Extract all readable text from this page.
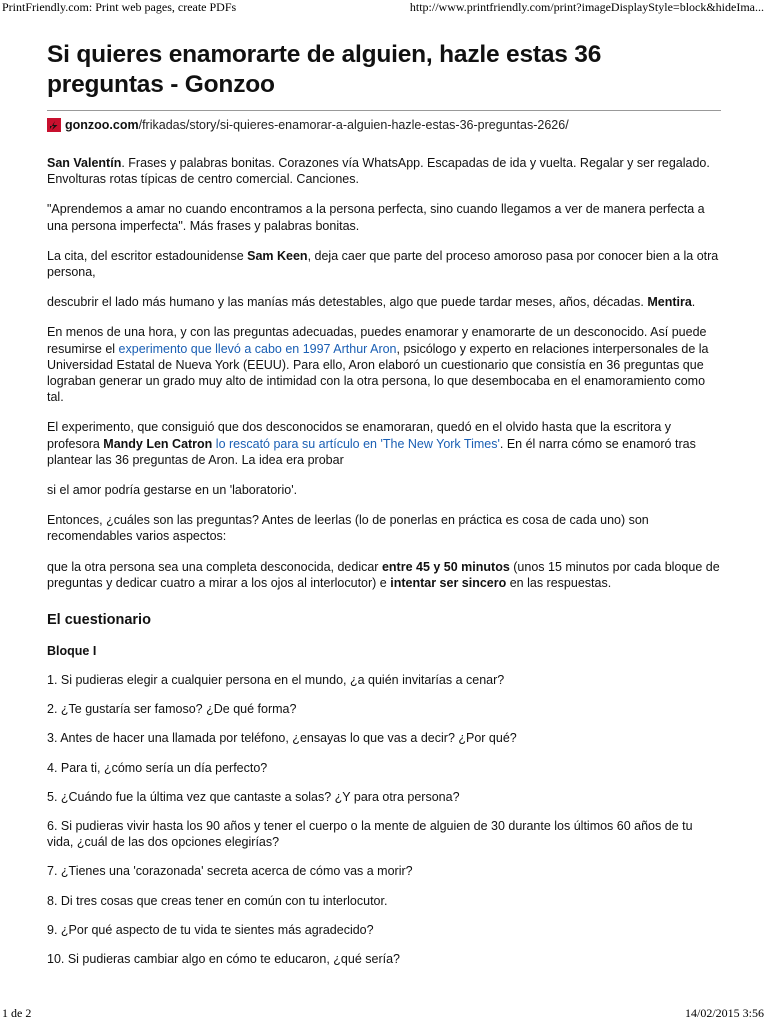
PrintFriendly.com: Print web pages, create PDFs	http://www.printfriendly.com/print?imageDisplayStyle=block&hideIma...
Si quieres enamorarte de alguien, hazle estas 36 preguntas - Gonzoo
gonzoo.com /frikadas/story/si-quieres-enamorar-a-alguien-hazle-estas-36-preguntas-2626/

San Valentín. Frases y palabras bonitas. Corazones vía WhatsApp. Escapadas de ida y vuelta. Regalar y ser regalado. Envolturas rotas típicas de centro comercial. Canciones.

"Aprendemos a amar no cuando encontramos a la persona perfecta, sino cuando llegamos a ver de manera perfecta a una persona imperfecta". Más frases y palabras bonitas.

La cita, del escritor estadounidense Sam Keen, deja caer que parte del proceso amoroso pasa por conocer bien a la otra persona,

descubrir el lado más humano y las manías más detestables, algo que puede tardar meses, años, décadas. Mentira.

En menos de una hora, y con las preguntas adecuadas, puedes enamorar y enamorarte de un desconocido. Así puede resumirse el experimento que llevó a cabo en 1997 Arthur Aron, psicólogo y experto en relaciones interpersonales de la Universidad Estatal de Nueva York (EEUU). Para ello, Aron elaboró un cuestionario que consistía en 36 preguntas que lograban generar un grado muy alto de intimidad con la otra persona, lo que desembocaba en el enamoramiento como tal.

El experimento, que consiguió que dos desconocidos se enamoraran, quedó en el olvido hasta que la escritora y profesora Mandy Len Catron lo rescató para su artículo en 'The New York Times'. En él narra cómo se enamoró tras plantear las 36 preguntas de Aron. La idea era probar

si el amor podría gestarse en un 'laboratorio'.

Entonces, ¿cuáles son las preguntas? Antes de leerlas (lo de ponerlas en práctica es cosa de cada uno) son recomendables varios aspectos:

que la otra persona sea una completa desconocida, dedicar entre 45 y 50 minutos (unos 15 minutos por cada bloque de preguntas y dedicar cuatro a mirar a los ojos al interlocutor) e intentar ser sincero en las respuestas.

El cuestionario
Bloque I

1. Si pudieras elegir a cualquier persona en el mundo, ¿a quién invitarías a cenar?

2. ¿Te gustaría ser famoso? ¿De qué forma?

3. Antes de hacer una llamada por teléfono, ¿ensayas lo que vas a decir? ¿Por qué?

4. Para ti, ¿cómo sería un día perfecto?

5. ¿Cuándo fue la última vez que cantaste a solas? ¿Y para otra persona?

6. Si pudieras vivir hasta los 90 años y tener el cuerpo o la mente de alguien de 30 durante los últimos 60 años de tu vida, ¿cuál de las dos opciones elegirías?

7. ¿Tienes una 'corazonada' secreta acerca de cómo vas a morir?

8. Di tres cosas que creas tener en común con tu interlocutor.

9. ¿Por qué aspecto de tu vida te sientes más agradecido?

10. Si pudieras cambiar algo en cómo te educaron, ¿qué sería?

1 de 2	14/02/2015 3:56
